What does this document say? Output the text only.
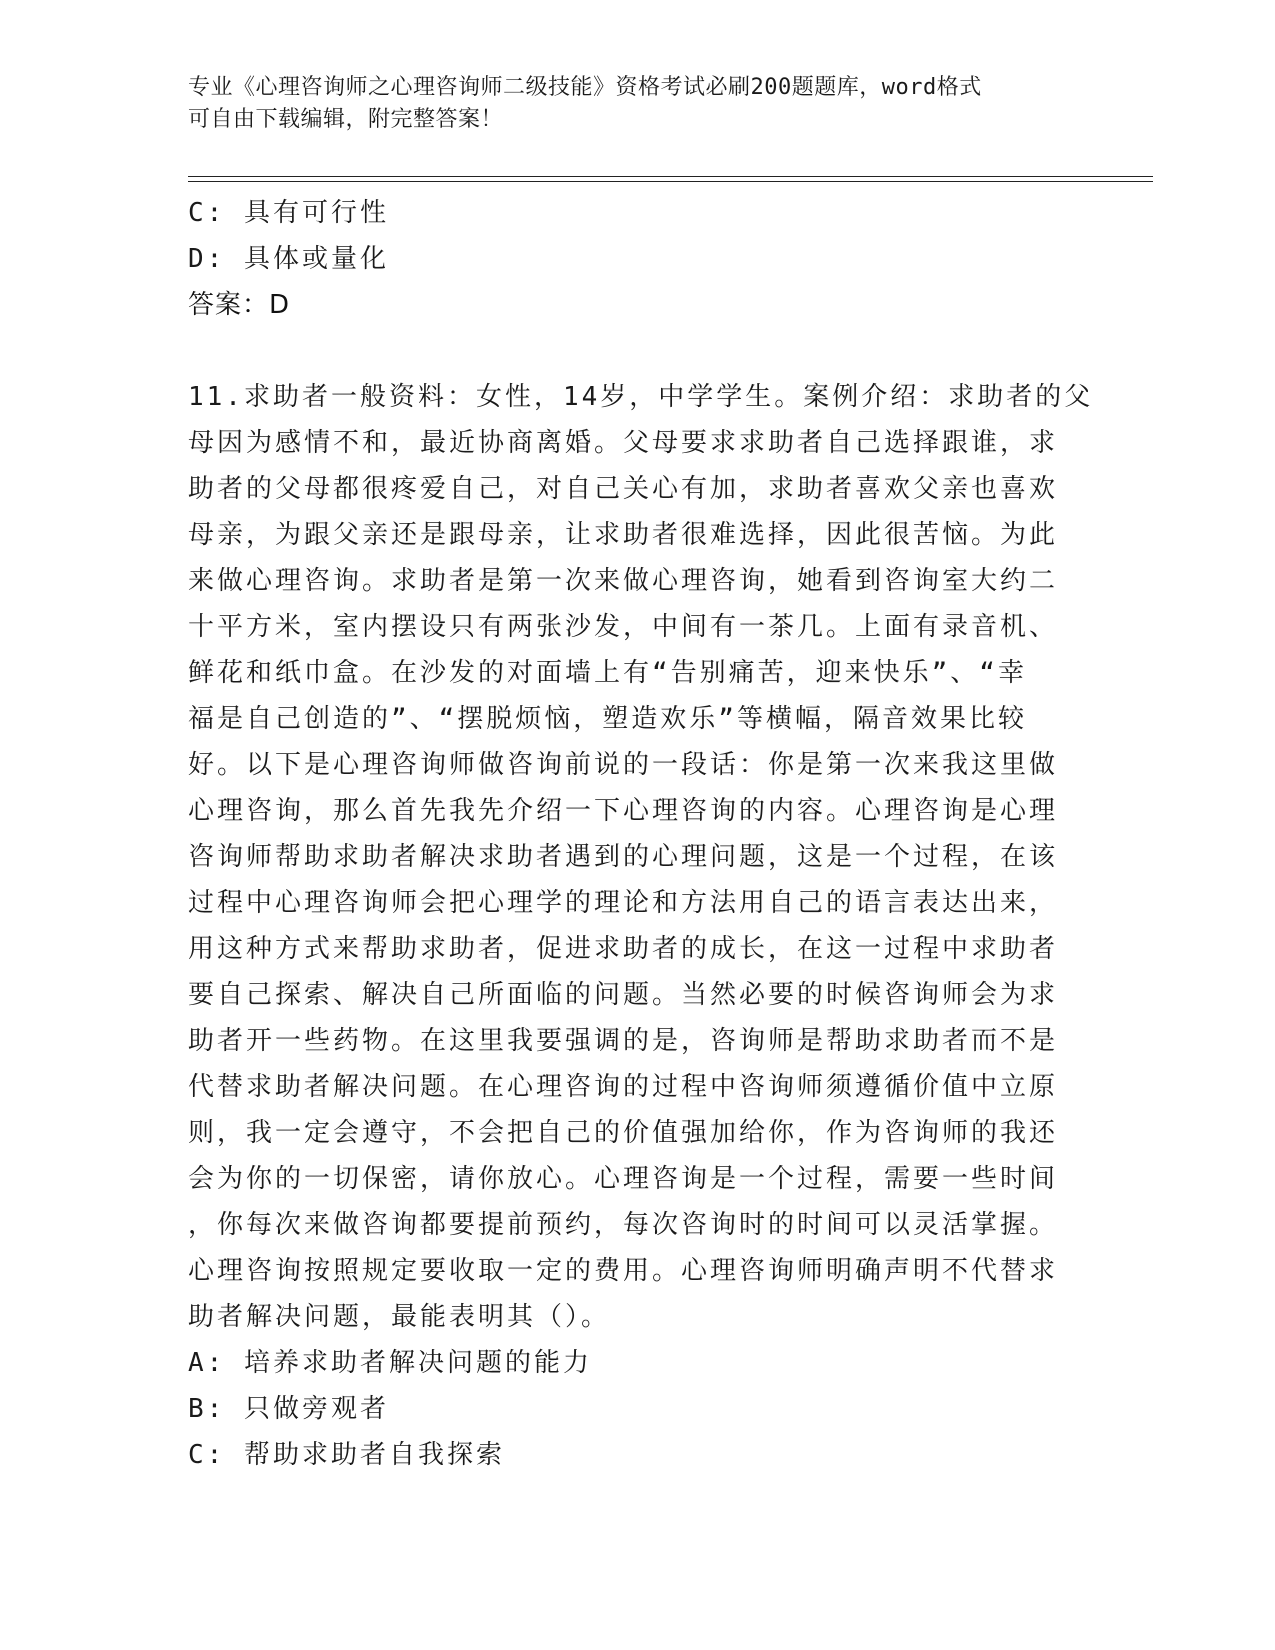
专业《心理咨询师之心理咨询师二级技能》资格考试必刷200题题库，word格式
可自由下载编辑，附完整答案！
C: 具有可行性
D: 具体或量化
答案：D
11.求助者一般资料：女性，14岁，中学学生。案例介绍：求助者的父
母因为感情不和，最近协商离婚。父母要求求助者自己选择跟谁，求
助者的父母都很疼爱自己，对自己关心有加，求助者喜欢父亲也喜欢
母亲，为跟父亲还是跟母亲，让求助者很难选择，因此很苦恼。为此
来做心理咨询。求助者是第一次来做心理咨询，她看到咨询室大约二
十平方米，室内摆设只有两张沙发，中间有一茶几。上面有录音机、
鲜花和纸巾盒。在沙发的对面墙上有“告别痛苦，迎来快乐”、“幸
福是自己创造的”、“摆脱烦恼，塑造欢乐”等横幅，隔音效果比较
好。以下是心理咨询师做咨询前说的一段话：你是第一次来我这里做
心理咨询，那么首先我先介绍一下心理咨询的内容。心理咨询是心理
咨询师帮助求助者解决求助者遇到的心理问题，这是一个过程，在该
过程中心理咨询师会把心理学的理论和方法用自己的语言表达出来，
用这种方式来帮助求助者，促进求助者的成长，在这一过程中求助者
要自己探索、解决自己所面临的问题。当然必要的时候咨询师会为求
助者开一些药物。在这里我要强调的是，咨询师是帮助求助者而不是
代替求助者解决问题。在心理咨询的过程中咨询师须遵循价值中立原
则，我一定会遵守，不会把自己的价值强加给你，作为咨询师的我还
会为你的一切保密，请你放心。心理咨询是一个过程，需要一些时间
，你每次来做咨询都要提前预约，每次咨询时的时间可以灵活掌握。
心理咨询按照规定要收取一定的费用。心理咨询师明确声明不代替求
助者解决问题，最能表明其（）。
A: 培养求助者解决问题的能力
B: 只做旁观者
C: 帮助求助者自我探索
